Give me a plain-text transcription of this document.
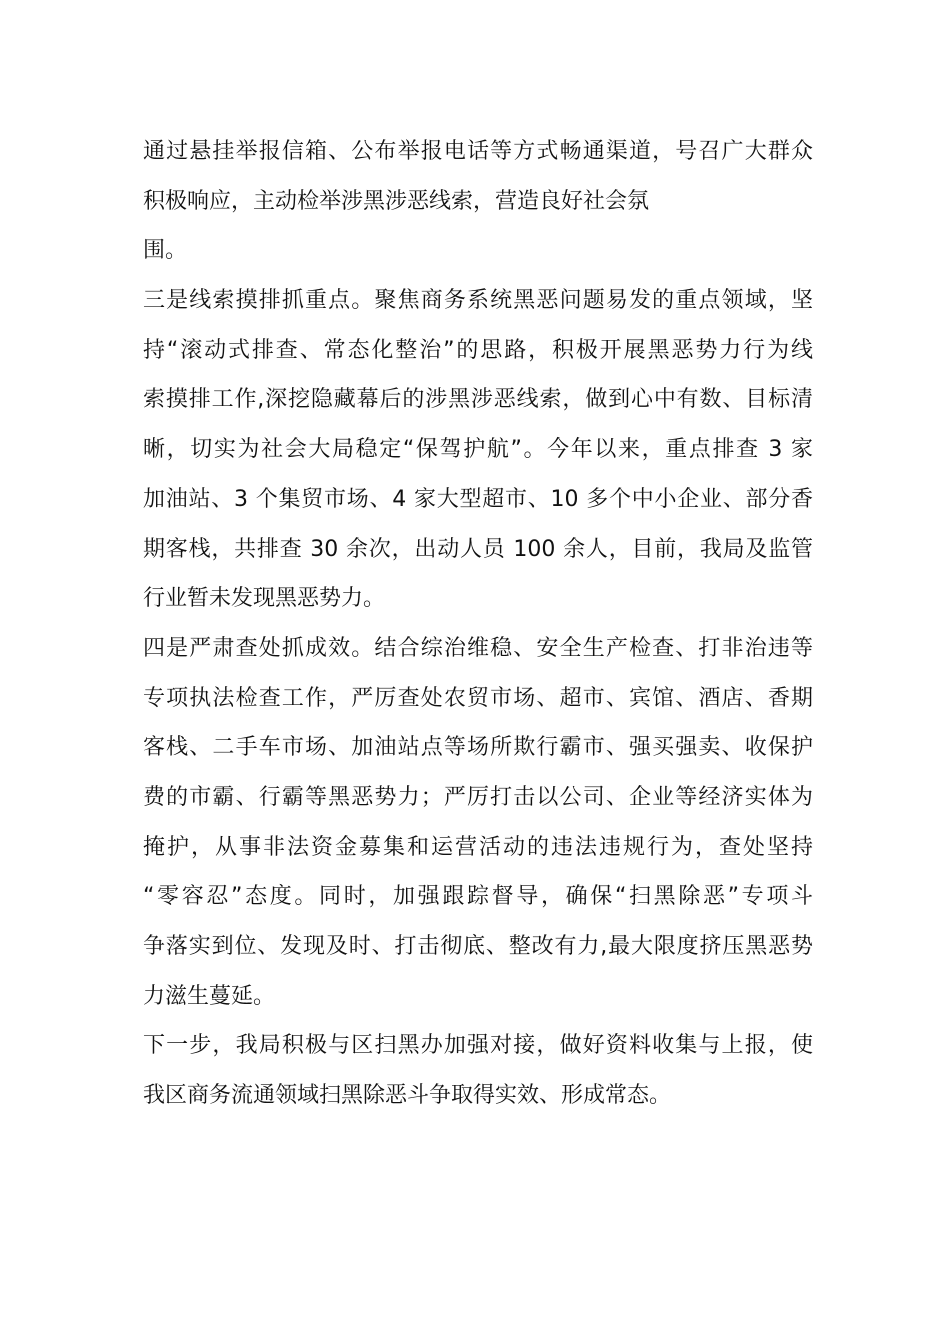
通过悬挂举报信箱、公布举报电话等方式畅通渠道，号召广大群众
积极响应，主动检举涉黑涉恶线索，营造良好社会氛
围。
三是线索摸排抓重点。聚焦商务系统黑恶问题易发的重点领域，坚
持“滚动式排查、常态化整治”的思路，积极开展黑恶势力行为线
索摸排工作,深挖隐藏幕后的涉黑涉恶线索，做到心中有数、目标清
晰，切实为社会大局稳定“保驾护航”。今年以来，重点排查 3 家
加油站、3 个集贸市场、4 家大型超市、10 多个中小企业、部分香
期客栈，共排查 30 余次，出动人员 100 余人，目前，我局及监管
行业暂未发现黑恶势力。
四是严肃查处抓成效。结合综治维稳、安全生产检查、打非治违等
专项执法检查工作，严厉查处农贸市场、超市、宾馆、酒店、香期
客栈、二手车市场、加油站点等场所欺行霸市、强买强卖、收保护
费的市霸、行霸等黑恶势力；严厉打击以公司、企业等经济实体为
掩护，从事非法资金募集和运营活动的违法违规行为，查处坚持
“零容忍”态度。同时，加强跟踪督导，确保“扫黑除恶”专项斗
争落实到位、发现及时、打击彻底、整改有力,最大限度挤压黑恶势
力滋生蔓延。
下一步，我局积极与区扫黑办加强对接，做好资料收集与上报，使
我区商务流通领域扫黑除恶斗争取得实效、形成常态。
